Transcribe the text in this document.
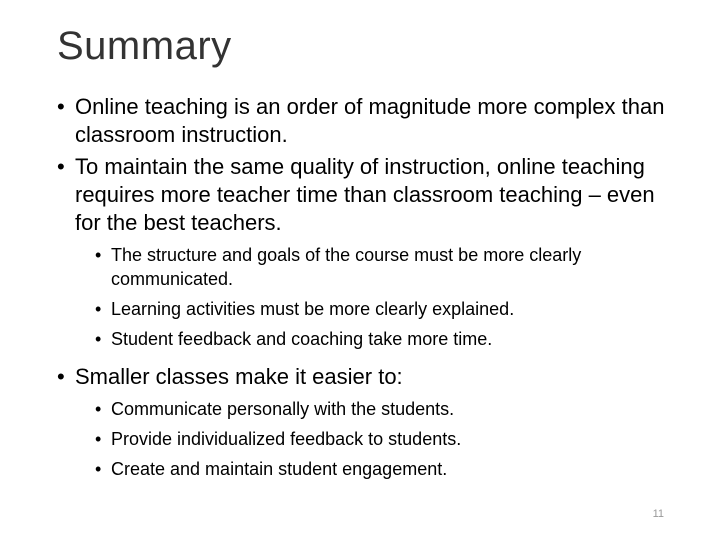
Summary
• Online teaching is an order of magnitude more complex than classroom instruction.
• To maintain the same quality of instruction, online teaching requires more teacher time than classroom teaching – even for the best teachers.
• The structure and goals of the course must be more clearly communicated.
• Learning activities must be more clearly explained.
• Student feedback and coaching take more time.
• Smaller classes make it easier to:
• Communicate personally with the students.
• Provide individualized feedback to students.
• Create and maintain student engagement.
11
